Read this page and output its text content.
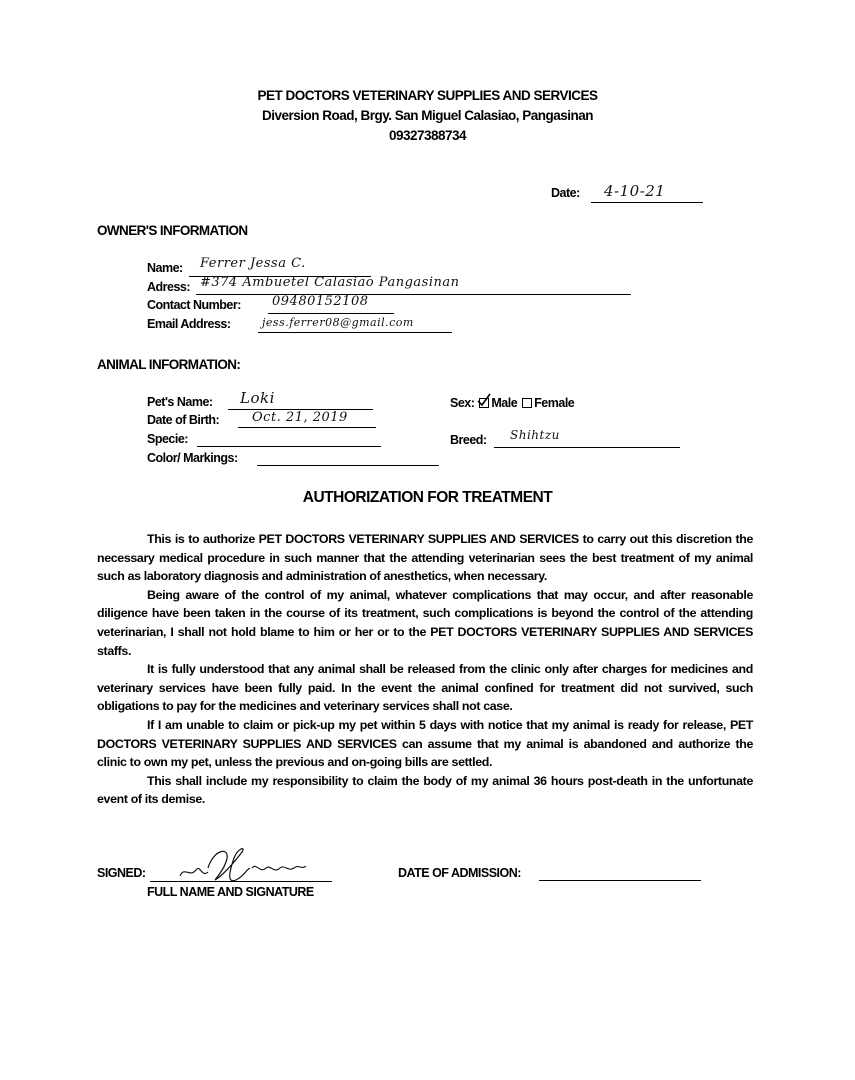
PET DOCTORS VETERINARY SUPPLIES AND SERVICES
Diversion Road, Brgy. San Miguel Calasiao, Pangasinan
09327388734
Date: 4-10-21
OWNER'S INFORMATION
Name: Ferrer Jessa C.
Adress: #374 Ambuetel Calasiao Pangasinan
Contact Number: 09480152108
Email Address:	jess.ferrer08@gmail.com
ANIMAL INFORMATION:
Pet's Name: Loki
Date of Birth:	Oct. 21, 2019
Specie:
Color/ Markings:
Sex: Male Female
Breed: Shihtzu
AUTHORIZATION FOR TREATMENT

This is to authorize PET DOCTORS VETERINARY SUPPLIES AND SERVICES to carry out this discretion the necessary medical procedure in such manner that the attending veterinarian sees the best treatment of my animal such as laboratory diagnosis and administration of anesthetics, when necessary.

Being aware of the control of my animal, whatever complications that may occur, and after reasonable diligence have been taken in the course of its treatment, such complications is beyond the control of the attending veterinarian, I shall not hold blame to him or her or to the PET DOCTORS VETERINARY SUPPLIES AND SERVICES staffs.

It is fully understood that any animal shall be released from the clinic only after charges for medicines and veterinary services have been fully paid. In the event the animal confined for treatment did not survived, such obligations to pay for the medicines and veterinary services shall not case.

If I am unable to claim or pick-up my pet within 5 days with notice that my animal is ready for release, PET DOCTORS VETERINARY SUPPLIES AND SERVICES can assume that my animal is abandoned and authorize the clinic to own my pet, unless the previous and on-going bills are settled.

This shall include my responsibility to claim the body of my animal 36 hours post-death in the unfortunate event of its demise.

SIGNED:
FULL NAME AND SIGNATURE
DATE OF ADMISSION:
